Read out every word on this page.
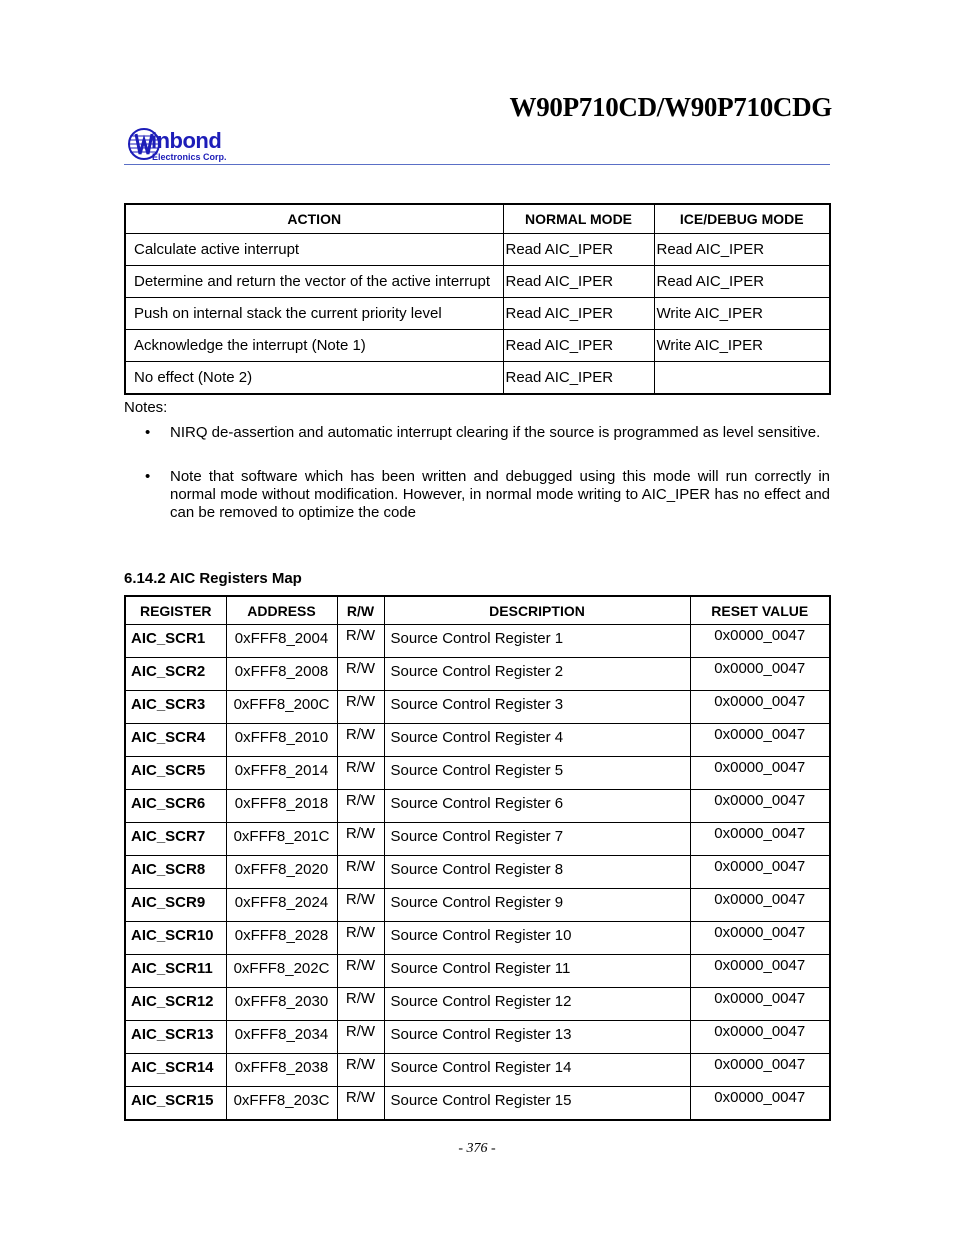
W90P710CD/W90P710CDG
inbond
Electronics Corp.
ACTION	NORMAL MODE	ICE/DEBUG MODE
Calculate active interrupt	Read AIC_IPER	Read AIC_IPER
Determine and return the vector of the active interrupt	Read AIC_IPER	Read AIC_IPER
Push on internal stack the current priority level	Read AIC_IPER	Write AIC_IPER
Acknowledge the interrupt (Note 1)	Read AIC_IPER	Write AIC_IPER
No effect (Note 2)	Read AIC_IPER	
Notes:
• NIRQ de-assertion and automatic interrupt clearing if the source is programmed as level sensitive.
• Note that software which has been written and debugged using this mode will run correctly in normal mode without modification. However, in normal mode writing to AIC_IPER has no effect and can be removed to optimize the code
6.14.2 AIC Registers Map
REGISTER	ADDRESS	R/W	DESCRIPTION	RESET VALUE
AIC_SCR1	0xFFF8_2004	R/W	Source Control Register 1	0x0000_0047
AIC_SCR2	0xFFF8_2008	R/W	Source Control Register 2	0x0000_0047
AIC_SCR3	0xFFF8_200C	R/W	Source Control Register 3	0x0000_0047
AIC_SCR4	0xFFF8_2010	R/W	Source Control Register 4	0x0000_0047
AIC_SCR5	0xFFF8_2014	R/W	Source Control Register 5	0x0000_0047
AIC_SCR6	0xFFF8_2018	R/W	Source Control Register 6	0x0000_0047
AIC_SCR7	0xFFF8_201C	R/W	Source Control Register 7	0x0000_0047
AIC_SCR8	0xFFF8_2020	R/W	Source Control Register 8	0x0000_0047
AIC_SCR9	0xFFF8_2024	R/W	Source Control Register 9	0x0000_0047
AIC_SCR10	0xFFF8_2028	R/W	Source Control Register 10	0x0000_0047
AIC_SCR11	0xFFF8_202C	R/W	Source Control Register 11	0x0000_0047
AIC_SCR12	0xFFF8_2030	R/W	Source Control Register 12	0x0000_0047
AIC_SCR13	0xFFF8_2034	R/W	Source Control Register 13	0x0000_0047
AIC_SCR14	0xFFF8_2038	R/W	Source Control Register 14	0x0000_0047
AIC_SCR15	0xFFF8_203C	R/W	Source Control Register 15	0x0000_0047
- 376 -
